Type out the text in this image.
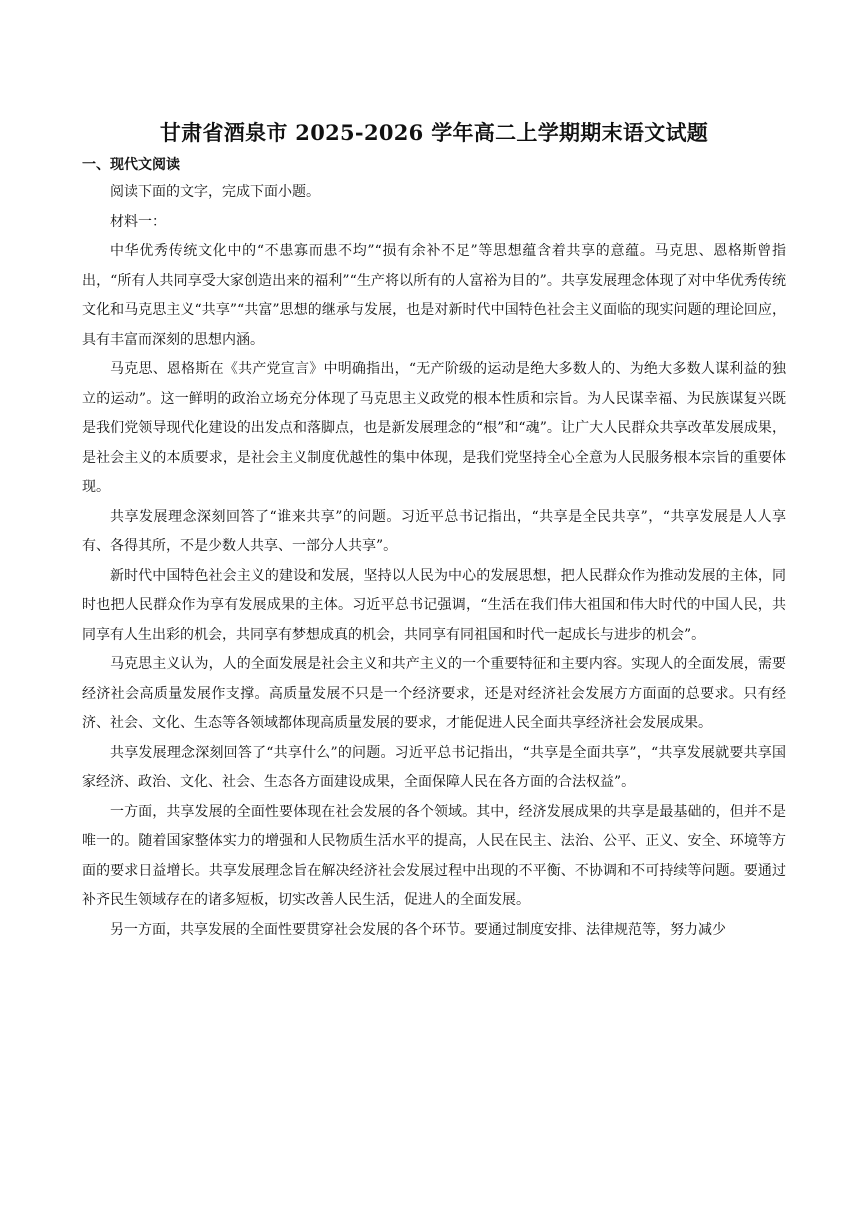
甘肃省酒泉市 2025-2026 学年高二上学期期末语文试题
一、现代文阅读

阅读下面的文字，完成下面小题。

材料一：

中华优秀传统文化中的“不患寡而患不均”“损有余补不足”等思想蕴含着共享的意蕴。马克思、恩格斯曾指出，“所有人共同享受大家创造出来的福利”“生产将以所有的人富裕为目的”。共享发展理念体现了对中华优秀传统文化和马克思主义“共享”“共富”思想的继承与发展，也是对新时代中国特色社会主义面临的现实问题的理论回应，具有丰富而深刻的思想内涵。

马克思、恩格斯在《共产党宣言》中明确指出，“无产阶级的运动是绝大多数人的、为绝大多数人谋利益的独立的运动”。这一鲜明的政治立场充分体现了马克思主义政党的根本性质和宗旨。为人民谋幸福、为民族谋复兴既是我们党领导现代化建设的出发点和落脚点，也是新发展理念的“根”和“魂”。让广大人民群众共享改革发展成果，是社会主义的本质要求，是社会主义制度优越性的集中体现，是我们党坚持全心全意为人民服务根本宗旨的重要体现。

共享发展理念深刻回答了“谁来共享”的问题。习近平总书记指出，“共享是全民共享”，“共享发展是人人享有、各得其所，不是少数人共享、一部分人共享”。

新时代中国特色社会主义的建设和发展，坚持以人民为中心的发展思想，把人民群众作为推动发展的主体，同时也把人民群众作为享有发展成果的主体。习近平总书记强调，“生活在我们伟大祖国和伟大时代的中国人民，共同享有人生出彩的机会，共同享有梦想成真的机会，共同享有同祖国和时代一起成长与进步的机会”。

马克思主义认为，人的全面发展是社会主义和共产主义的一个重要特征和主要内容。实现人的全面发展，需要经济社会高质量发展作支撑。高质量发展不只是一个经济要求，还是对经济社会发展方方面面的总要求。只有经济、社会、文化、生态等各领域都体现高质量发展的要求，才能促进人民全面共享经济社会发展成果。

共享发展理念深刻回答了“共享什么”的问题。习近平总书记指出，“共享是全面共享”，“共享发展就要共享国家经济、政治、文化、社会、生态各方面建设成果，全面保障人民在各方面的合法权益”。

一方面，共享发展的全面性要体现在社会发展的各个领域。其中，经济发展成果的共享是最基础的，但并不是唯一的。随着国家整体实力的增强和人民物质生活水平的提高，人民在民主、法治、公平、正义、安全、环境等方面的要求日益增长。共享发展理念旨在解决经济社会发展过程中出现的不平衡、不协调和不可持续等问题。要通过补齐民生领域存在的诸多短板，切实改善人民生活，促进人的全面发展。

另一方面，共享发展的全面性要贯穿社会发展的各个环节。要通过制度安排、法律规范等，努力减少
